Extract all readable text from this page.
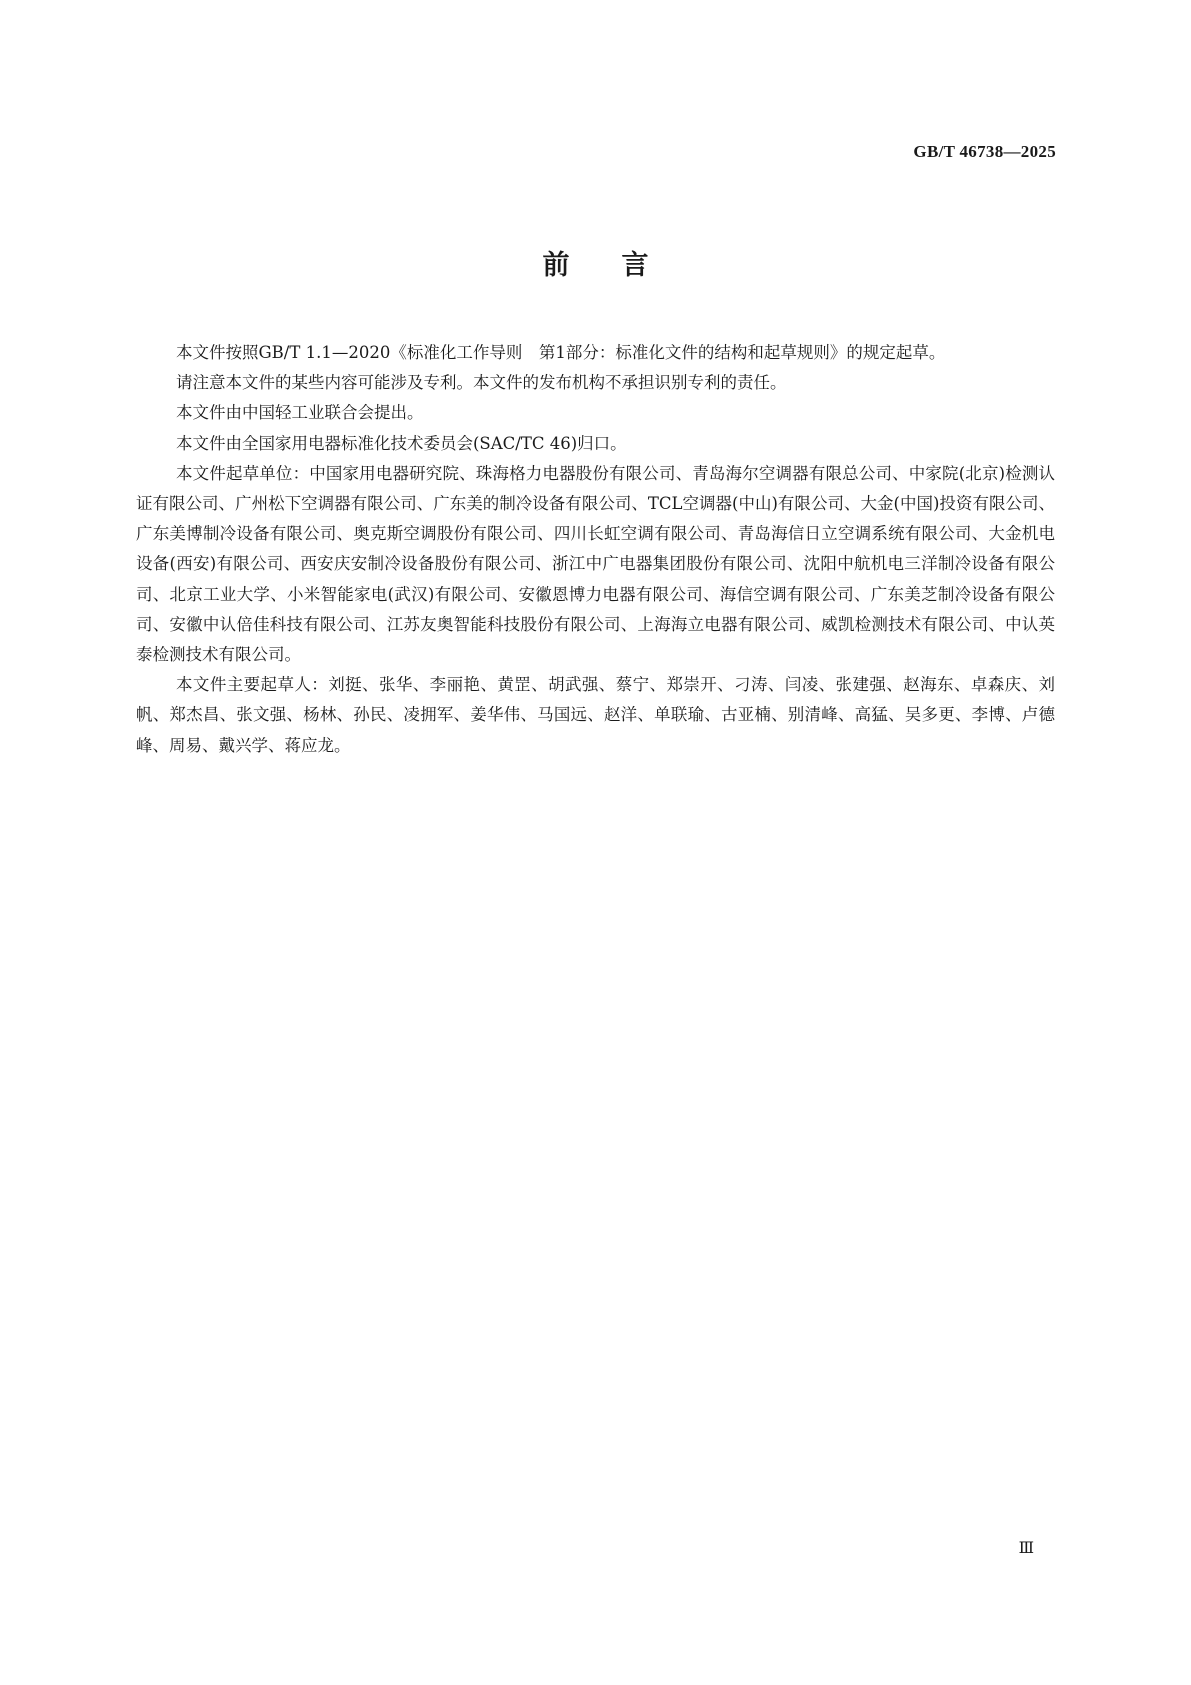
GB/T 46738—2025
前言

本文件按照GB/T 1.1—2020《标准化工作导则　第1部分：标准化文件的结构和起草规则》的规定起草。

请注意本文件的某些内容可能涉及专利。本文件的发布机构不承担识别专利的责任。

本文件由中国轻工业联合会提出。

本文件由全国家用电器标准化技术委员会(SAC/TC 46)归口。

本文件起草单位：中国家用电器研究院、珠海格力电器股份有限公司、青岛海尔空调器有限总公司、中家院(北京)检测认证有限公司、广州松下空调器有限公司、广东美的制冷设备有限公司、TCL空调器(中山)有限公司、大金(中国)投资有限公司、广东美博制冷设备有限公司、奥克斯空调股份有限公司、四川长虹空调有限公司、青岛海信日立空调系统有限公司、大金机电设备(西安)有限公司、西安庆安制冷设备股份有限公司、浙江中广电器集团股份有限公司、沈阳中航机电三洋制冷设备有限公司、北京工业大学、小米智能家电(武汉)有限公司、安徽恩博力电器有限公司、海信空调有限公司、广东美芝制冷设备有限公司、安徽中认倍佳科技有限公司、江苏友奥智能科技股份有限公司、上海海立电器有限公司、威凯检测技术有限公司、中认英泰检测技术有限公司。

本文件主要起草人：刘挺、张华、李丽艳、黄罡、胡武强、蔡宁、郑崇开、刁涛、闫凌、张建强、赵海东、卓森庆、刘帆、郑杰昌、张文强、杨林、孙民、凌拥军、姜华伟、马国远、赵洋、单联瑜、古亚楠、别清峰、高猛、吴多更、李博、卢德峰、周易、戴兴学、蒋应龙。

Ⅲ
